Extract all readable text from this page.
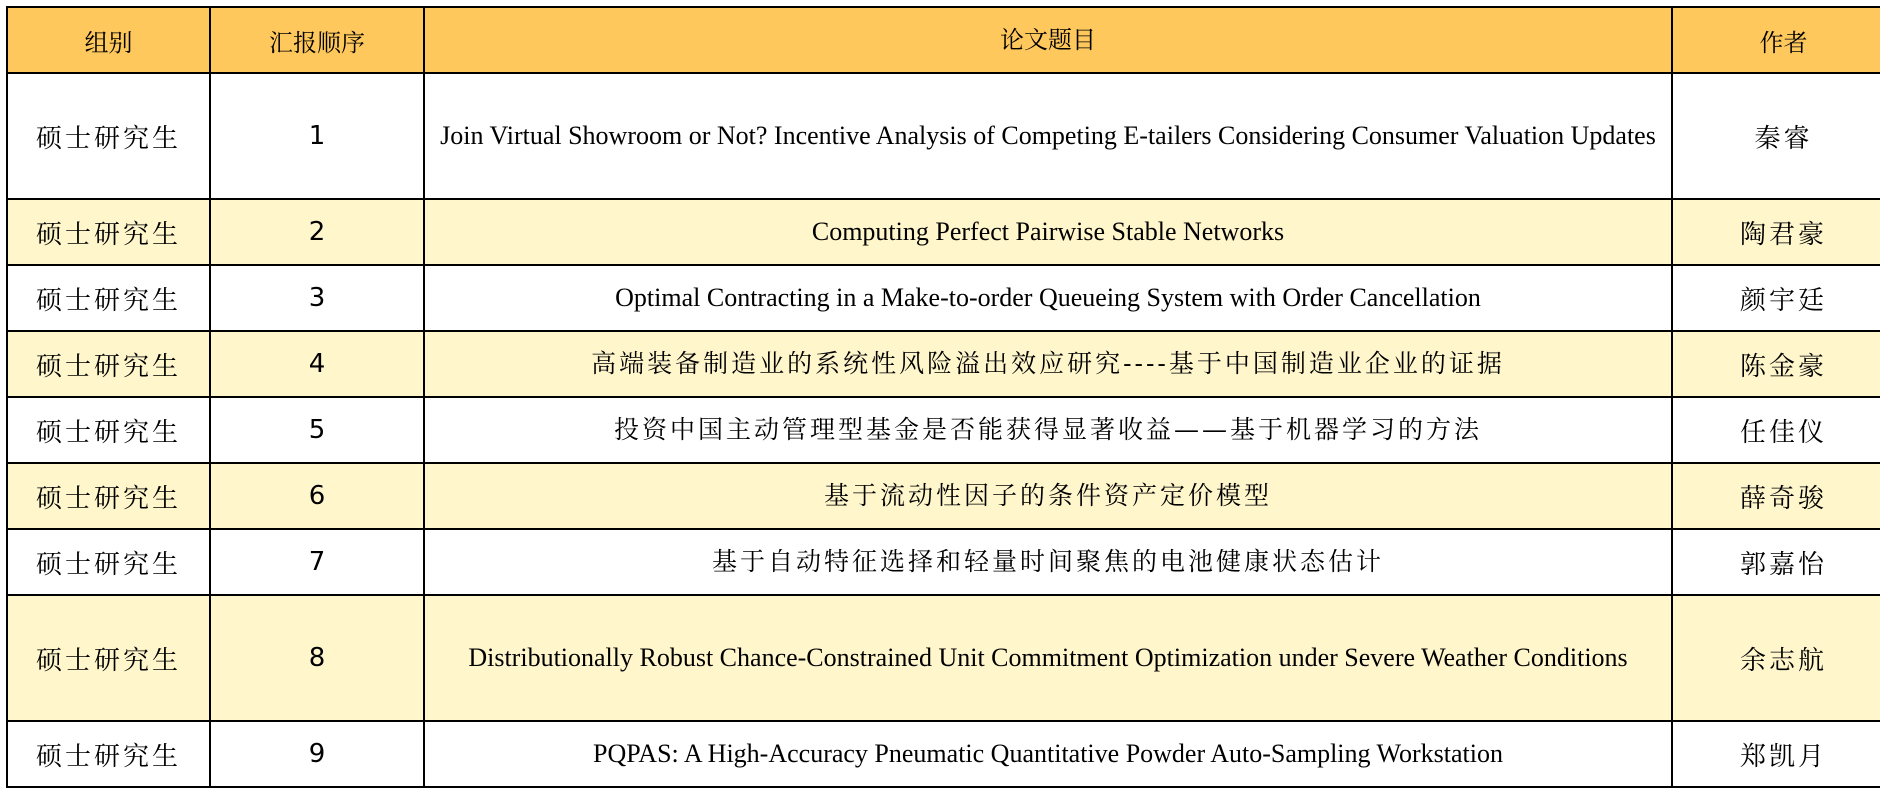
组别	汇报顺序	论文题目	作者
硕士研究生	1	Join Virtual Showroom or Not? Incentive Analysis of Competing E-tailers Considering Consumer Valuation Updates	秦睿
硕士研究生	2	Computing Perfect Pairwise Stable Networks	陶君豪
硕士研究生	3	Optimal Contracting in a Make-to-order Queueing System with Order Cancellation	颜宇廷
硕士研究生	4	高端装备制造业的系统性风险溢出效应研究----基于中国制造业企业的证据	陈金豪
硕士研究生	5	投资中国主动管理型基金是否能获得显著收益——基于机器学习的方法	任佳仪
硕士研究生	6	基于流动性因子的条件资产定价模型	薛奇骏
硕士研究生	7	基于自动特征选择和轻量时间聚焦的电池健康状态估计	郭嘉怡
硕士研究生	8	Distributionally Robust Chance-Constrained Unit Commitment Optimization under Severe Weather Conditions	余志航
硕士研究生	9	PQPAS: A High-Accuracy Pneumatic Quantitative Powder Auto-Sampling Workstation	郑凯月
